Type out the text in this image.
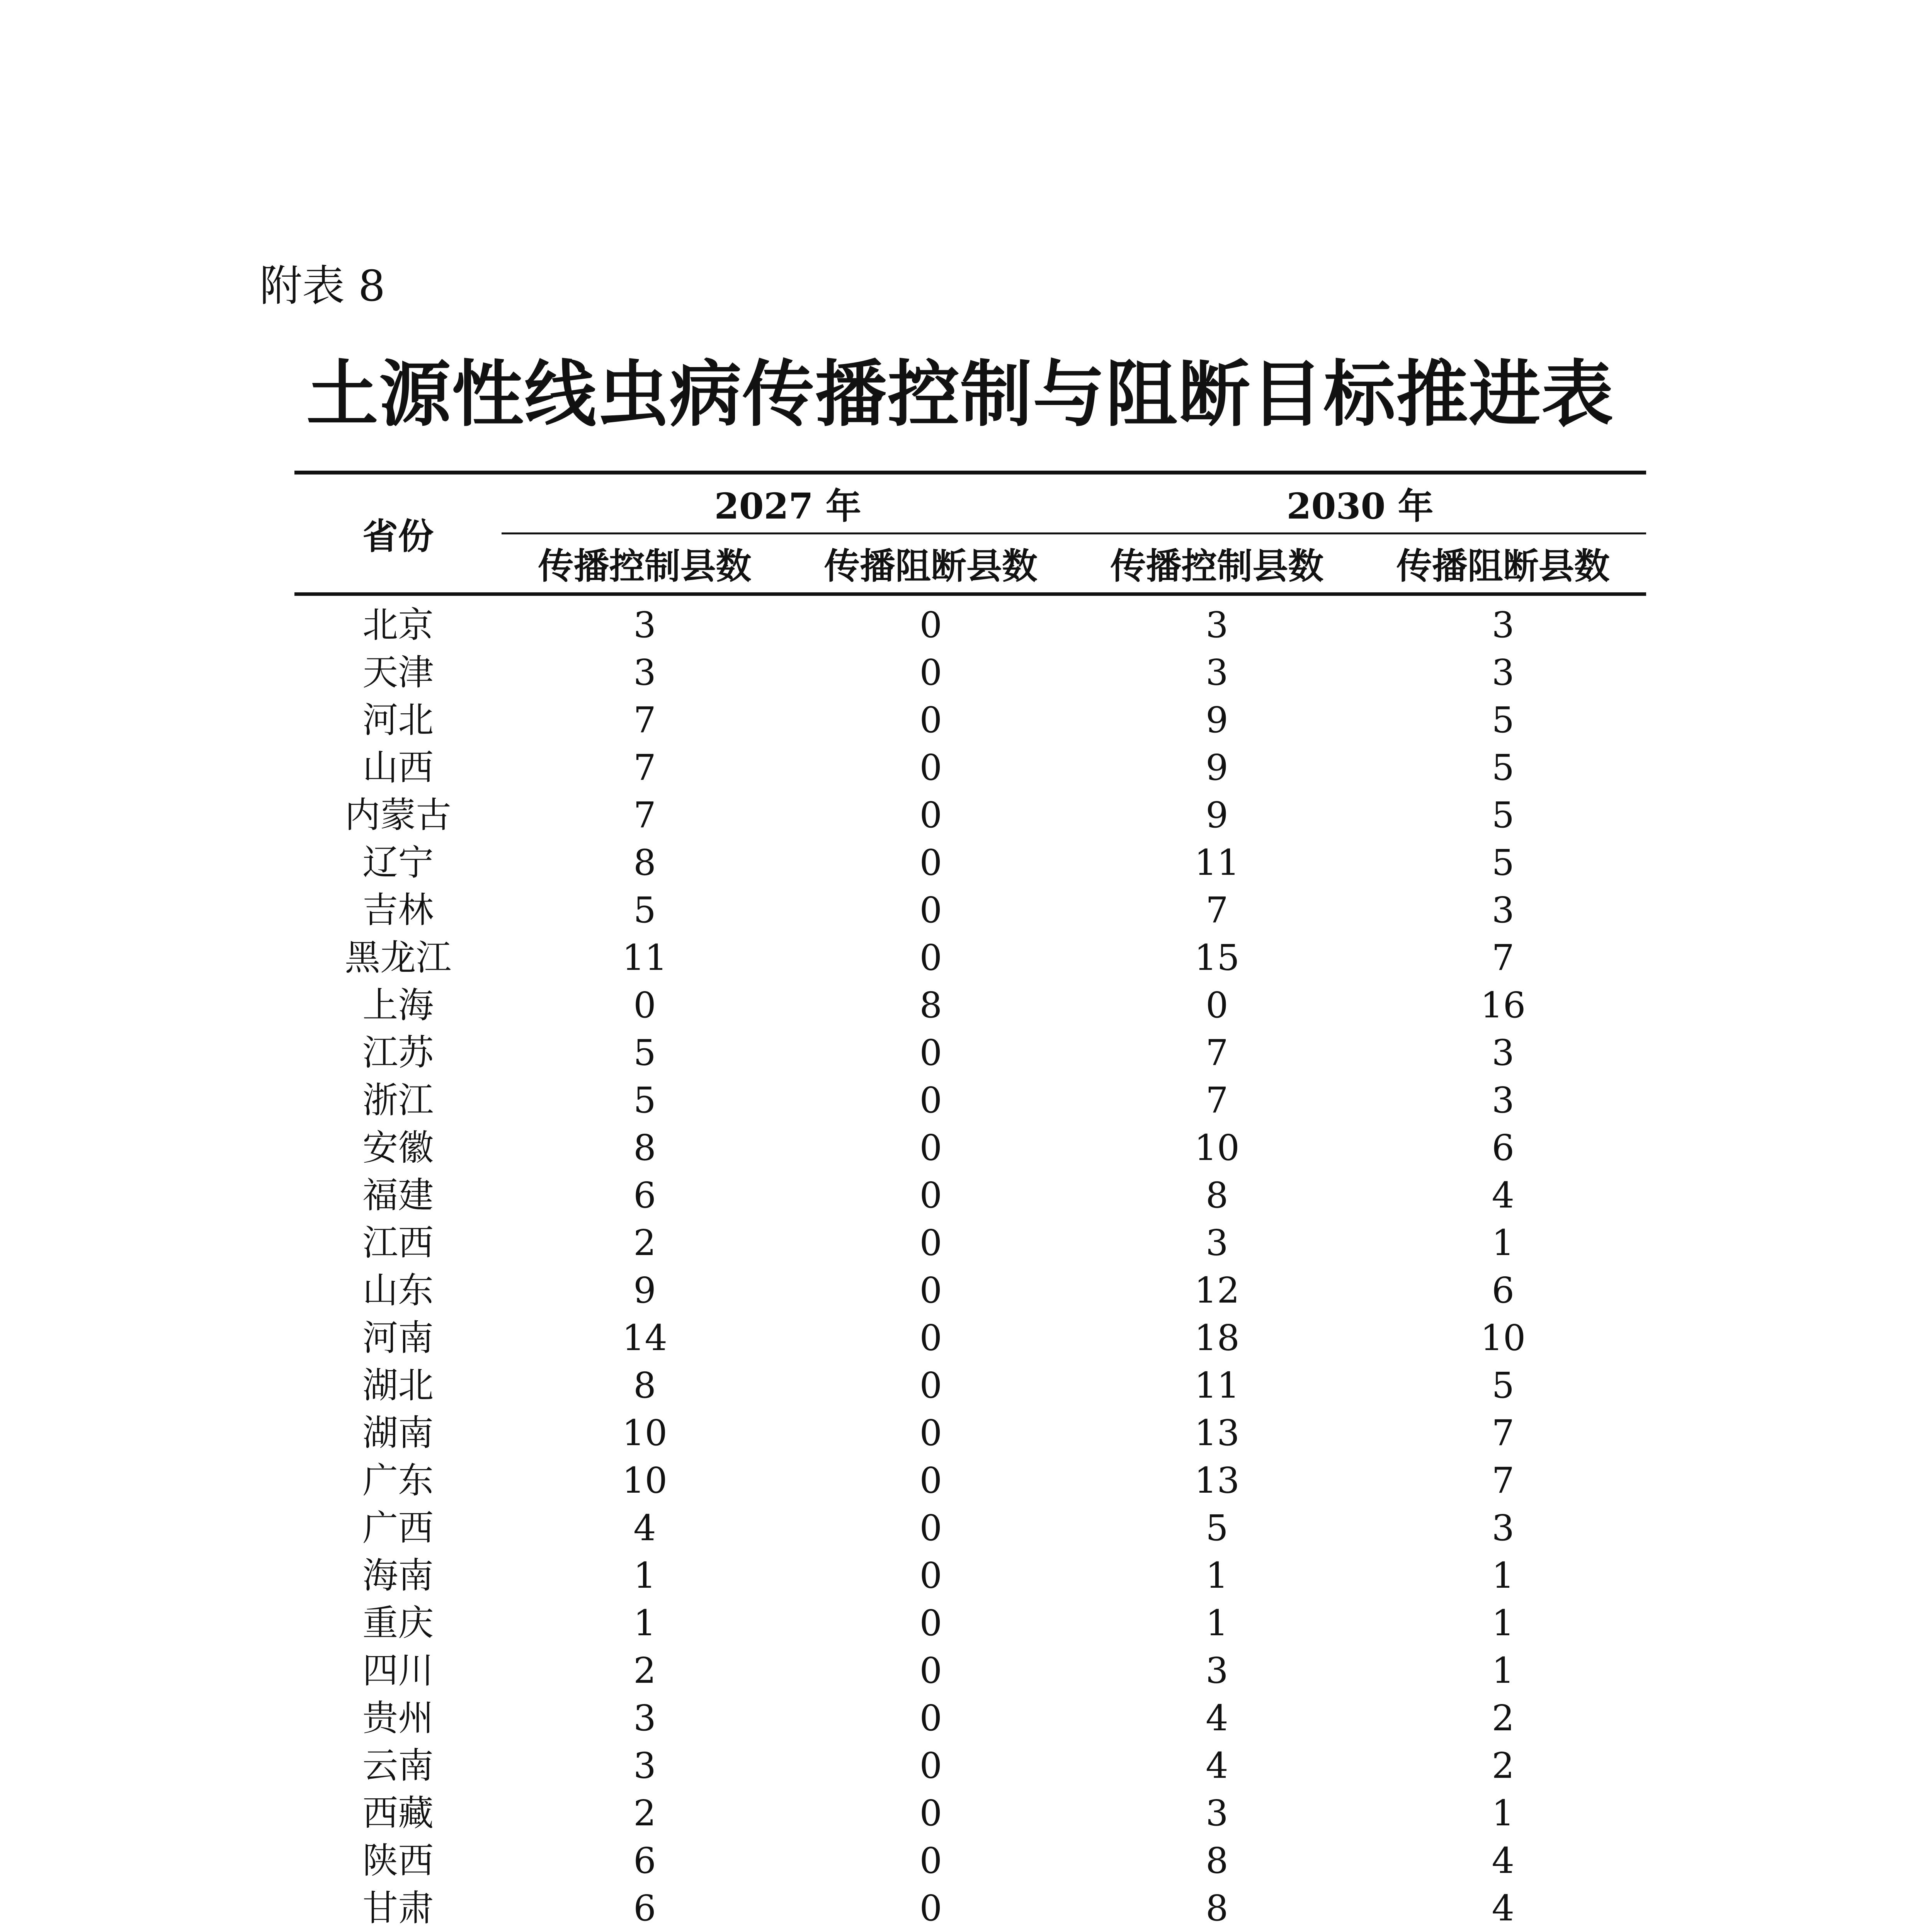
附表 8
土源性线虫病传播控制与阻断目标推进表
省份	2027 年		2030 年	
	传播控制县数	传播阻断县数	传播控制县数	传播阻断县数
北京	3	0	3	3
天津	3	0	3	3
河北	7	0	9	5
山西	7	0	9	5
内蒙古	7	0	9	5
辽宁	8	0	11	5
吉林	5	0	7	3
黑龙江	11	0	15	7
上海	0	8	0	16
江苏	5	0	7	3
浙江	5	0	7	3
安徽	8	0	10	6
福建	6	0	8	4
江西	2	0	3	1
山东	9	0	12	6
河南	14	0	18	10
湖北	8	0	11	5
湖南	10	0	13	7
广东	10	0	13	7
广西	4	0	5	3
海南	1	0	1	1
重庆	1	0	1	1
四川	2	0	3	1
贵州	3	0	4	2
云南	3	0	4	2
西藏	2	0	3	1
陕西	6	0	8	4
甘肃	6	0	8	4
